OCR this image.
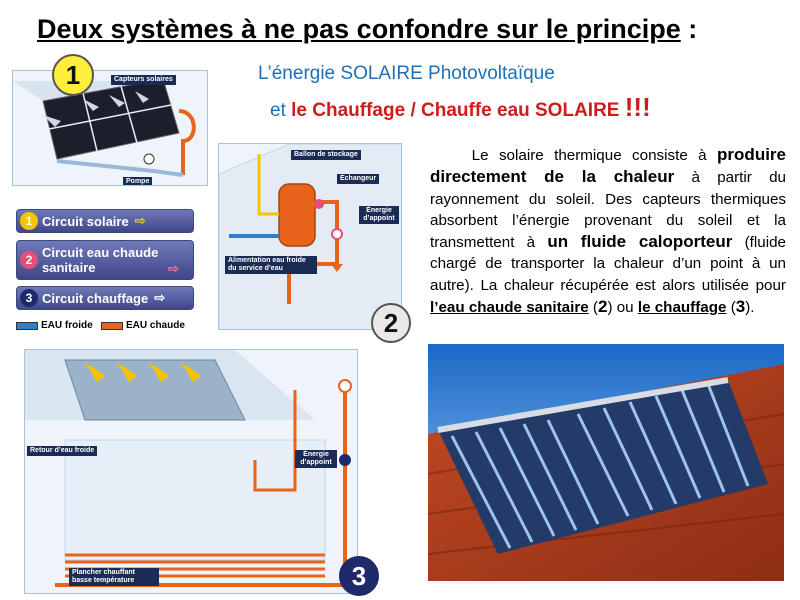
Deux systèmes à ne pas confondre sur le principe :
L’énergie SOLAIRE Photovoltaïque
et le Chauffage / Chauffe eau SOLAIRE !!!
Capteurs solaires
Pompe
1
1 Circuit solaire ⇨
2 Circuit eau chaude sanitaire	⇨
3 Circuit chauffage ⇨
EAU froide	EAU chaude
Ballon de stockage
Échangeur
Énergie d’appoint
Alimentation eau froide du service d’eau
2
Le solaire thermique consiste à produire directement de la chaleur à partir du rayonnement du soleil. Des capteurs thermiques absorbent l’énergie provenant du soleil et la transmettent à un fluide caloporteur (fluide chargé de transporter la chaleur d’un point à un autre). La chaleur récupérée est alors utilisée pour l’eau chaude sanitaire (2) ou le chauffage (3).
Retour d’eau froide
Énergie d’appoint
Plancher chauffant basse température	3
